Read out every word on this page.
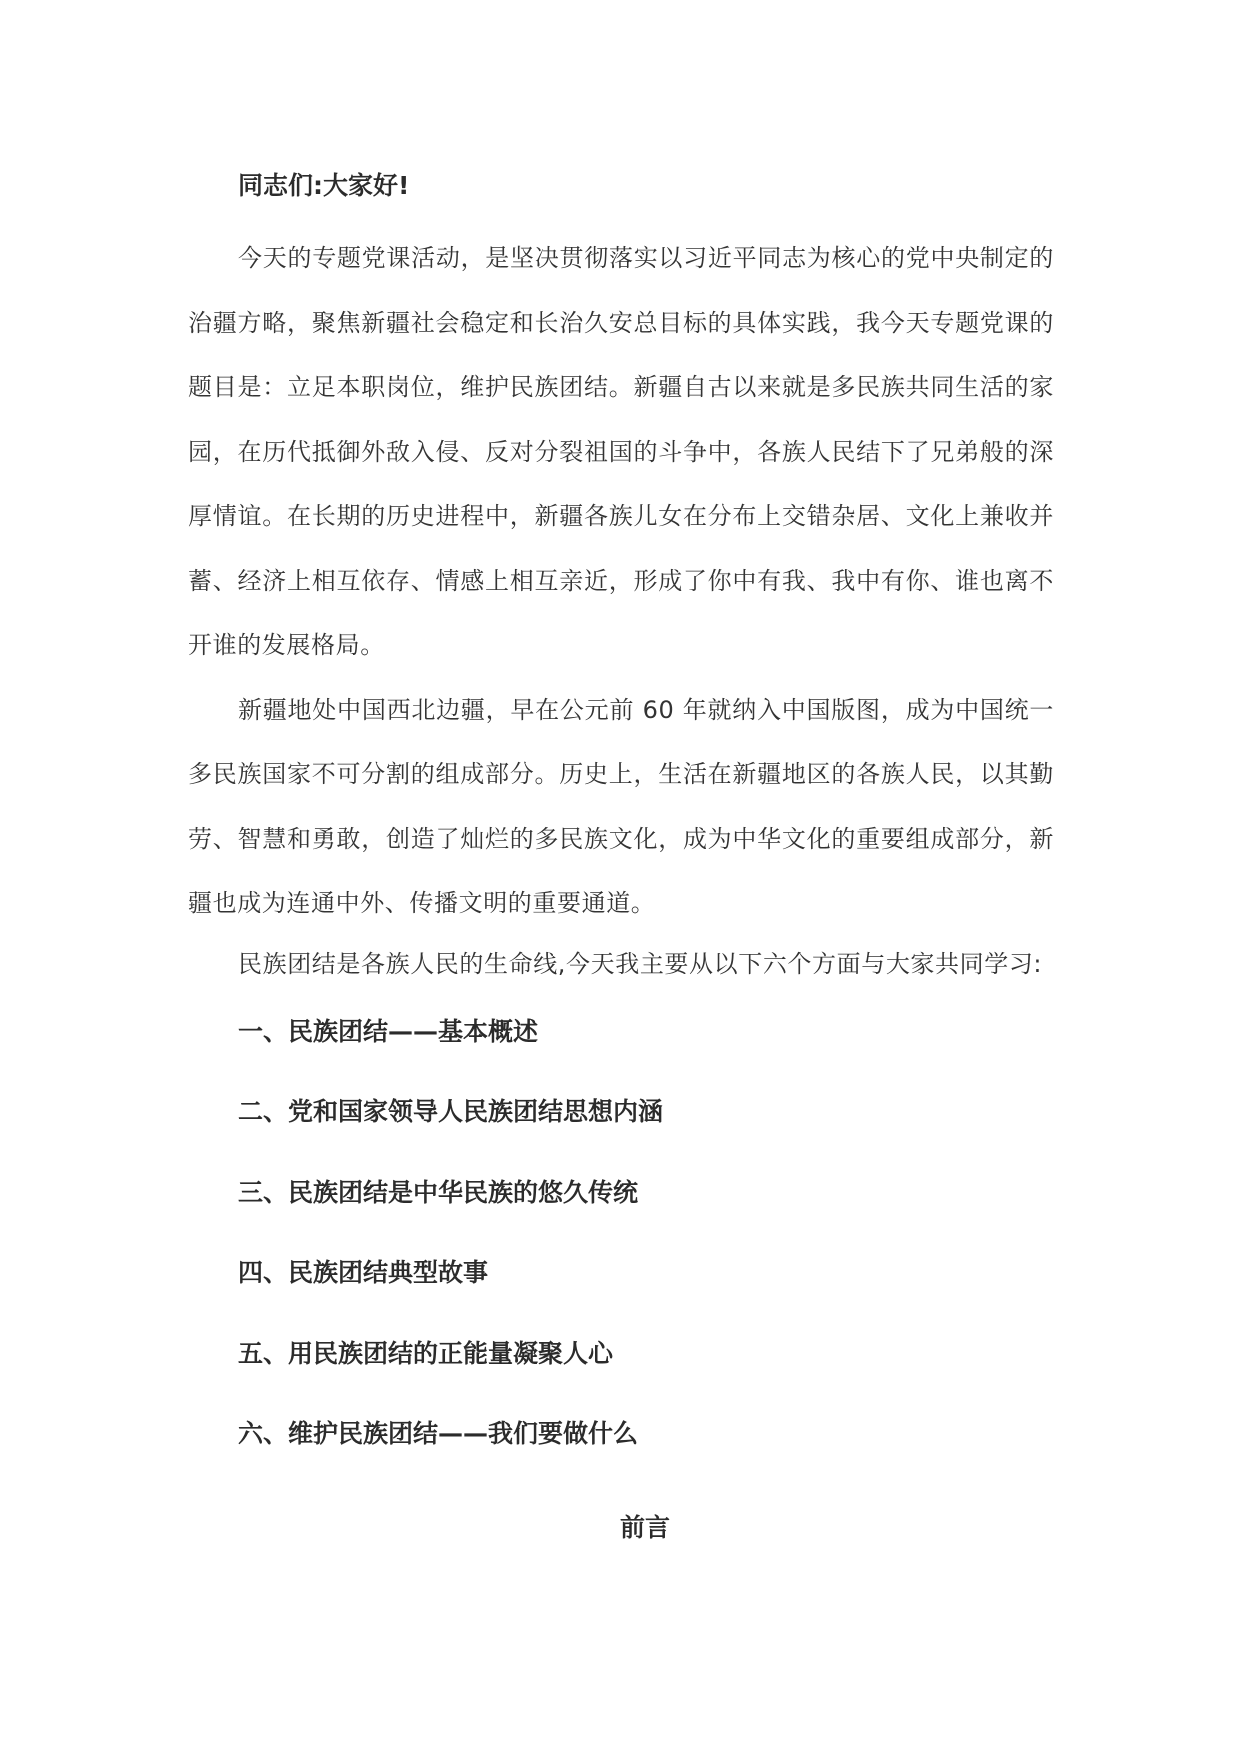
同志们:大家好!

今天的专题党课活动，是坚决贯彻落实以习近平同志为核心的党中央制定的治疆方略，聚焦新疆社会稳定和长治久安总目标的具体实践，我今天专题党课的题目是：立足本职岗位，维护民族团结。新疆自古以来就是多民族共同生活的家园，在历代抵御外敌入侵、反对分裂祖国的斗争中，各族人民结下了兄弟般的深厚情谊。在长期的历史进程中，新疆各族儿女在分布上交错杂居、文化上兼收并蓄、经济上相互依存、情感上相互亲近，形成了你中有我、我中有你、谁也离不开谁的发展格局。

新疆地处中国西北边疆，早在公元前 60 年就纳入中国版图，成为中国统一多民族国家不可分割的组成部分。历史上，生活在新疆地区的各族人民，以其勤劳、智慧和勇敢，创造了灿烂的多民族文化，成为中华文化的重要组成部分，新疆也成为连通中外、传播文明的重要通道。

民族团结是各族人民的生命线,今天我主要从以下六个方面与大家共同学习:

一、民族团结——基本概述
二、党和国家领导人民族团结思想内涵
三、民族团结是中华民族的悠久传统
四、民族团结典型故事
五、用民族团结的正能量凝聚人心
六、维护民族团结——我们要做什么
前言
